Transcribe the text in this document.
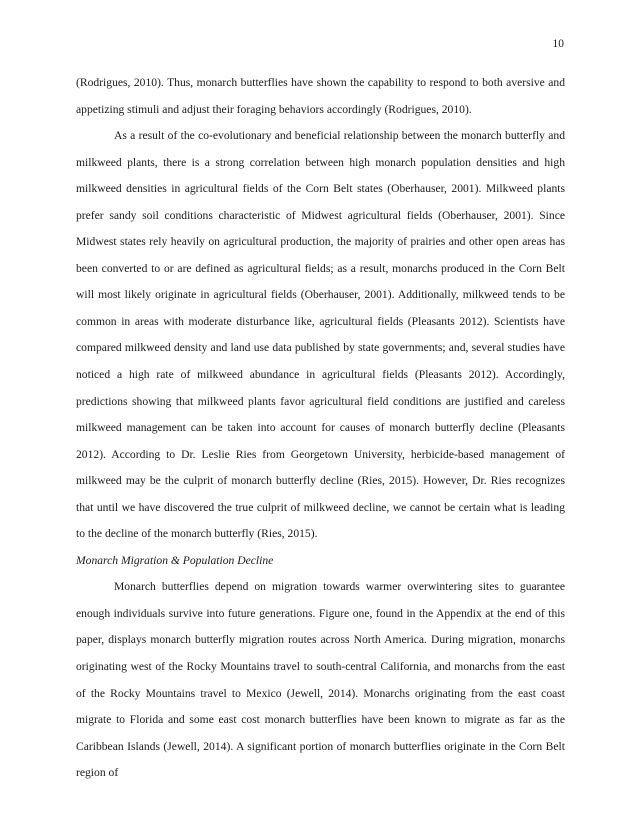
10

(Rodrigues, 2010). Thus, monarch butterflies have shown the capability to respond to both aversive and appetizing stimuli and adjust their foraging behaviors accordingly (Rodrigues, 2010).

As a result of the co-evolutionary and beneficial relationship between the monarch butterfly and milkweed plants, there is a strong correlation between high monarch population densities and high milkweed densities in agricultural fields of the Corn Belt states (Oberhauser, 2001). Milkweed plants prefer sandy soil conditions characteristic of Midwest agricultural fields (Oberhauser, 2001). Since Midwest states rely heavily on agricultural production, the majority of prairies and other open areas has been converted to or are defined as agricultural fields; as a result, monarchs produced in the Corn Belt will most likely originate in agricultural fields (Oberhauser, 2001). Additionally, milkweed tends to be common in areas with moderate disturbance like, agricultural fields (Pleasants 2012). Scientists have compared milkweed density and land use data published by state governments; and, several studies have noticed a high rate of milkweed abundance in agricultural fields (Pleasants 2012). Accordingly, predictions showing that milkweed plants favor agricultural field conditions are justified and careless milkweed management can be taken into account for causes of monarch butterfly decline (Pleasants 2012). According to Dr. Leslie Ries from Georgetown University, herbicide-based management of milkweed may be the culprit of monarch butterfly decline (Ries, 2015). However, Dr. Ries recognizes that until we have discovered the true culprit of milkweed decline, we cannot be certain what is leading to the decline of the monarch butterfly (Ries, 2015).

Monarch Migration & Population Decline

Monarch butterflies depend on migration towards warmer overwintering sites to guarantee enough individuals survive into future generations. Figure one, found in the Appendix at the end of this paper, displays monarch butterfly migration routes across North America. During migration, monarchs originating west of the Rocky Mountains travel to south-central California, and monarchs from the east of the Rocky Mountains travel to Mexico (Jewell, 2014). Monarchs originating from the east coast migrate to Florida and some east cost monarch butterflies have been known to migrate as far as the Caribbean Islands (Jewell, 2014). A significant portion of monarch butterflies originate in the Corn Belt region of
